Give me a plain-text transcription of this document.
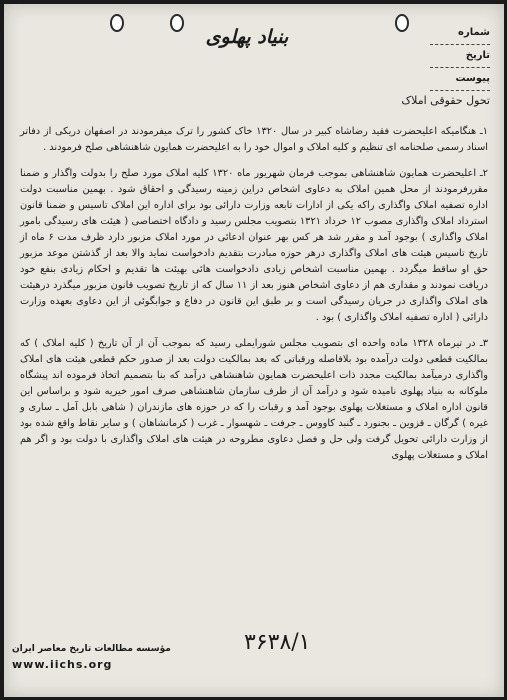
بنیاد پهلوی	شماره
تاریخ
پیوست
تحول حقوقی املاک

۱ـ هنگامیکه اعلیحضرت فقید رضاشاه کبیر در سال ۱۳۲۰ خاک کشور را ترک میفرمودند در اصفهان دریکی از دفاتر اسناد رسمی صلحنامه ای تنظیم و کلیه املاک و اموال خود را به اعلیحضرت همایون شاهنشاهی صلح فرمودند .

۲ـ اعلیحضرت همایون شاهنشاهی بموجب فرمان شهریور ماه ۱۳۲۰ کلیه املاک مورد صلح را بدولت واگذار و ضمنا مقررفرمودند از محل همین املاک به دعاوی اشخاص دراین زمینه رسیدگی و احقاق شود . بهمین مناسبت دولت اداره تصفیه املاک واگذاری راکه یکی از ادارات تابعه وزارت دارائی بود برای اداره این املاک تاسیس و ضمنا قانون استرداد املاک واگذاری مصوب ۱۲ خرداد ۱۳۲۱ بتصویب مجلس رسید و دادگاه اختصاصی ( هیئت های رسیدگی بامور املاک واگذاری ) بوجود آمد و مقرر شد هر کس بهر عنوان ادعائی در مورد املاک مزبور دارد ظرف مدت ۶ ماه از تاریخ تاسیس هیئت های املاک واگذاری درهر حوزه مبادرت بتقدیم دادخواست نماید والا بعد از گذشتن موعد مزبور حق او ساقط میگردد . بهمین مناسبت اشخاص زیادی دادخواست هائی بهیئت ها تقدیم و احکام زیادی بنفع خود دریافت نمودند و مقداری هم از دعاوی اشخاص هنوز بعد از ۱۱ سال که از تاریخ تصویب قانون مزبور میگذرد درهیئت های املاک واگذاری در جریان رسیدگی است و بر طبق این قانون در دفاع و جوابگوئی از این دعاوی بعهده وزارت دارائی ( اداره تصفیه املاک واگذاری ) بود .

۳ـ در تیرماه ۱۳۲۸ ماده واحده ای بتصویب مجلس شورایملی رسید که بموجب آن از آن تاریخ ( کلیه املاک ) که بمالکیت قطعی دولت درآمده بود بلافاصله ورقباتی که بعد بمالکیت دولت بعد از صدور حکم قطعی هیئت های املاک واگذاری درمیآمد بمالکیت مجدد ذات اعلیحضرت همایون شاهنشاهی درآمد که بنا بتصمیم اتخاذ فرموده اند پیشگاه ملوکانه به بنیاد پهلوی نامیده شود و درآمد آن از طرف سازمان شاهنشاهی صرف امور خیریه شود و براساس این قانون اداره املاک و مستغلات پهلوی بوجود آمد و رقبات را که در حوزه های مازندران ( شاهی بابل آمل ـ ساری و غیره ) گرگان ـ قزوین ـ بجنورد ـ گنبد کاووس ـ جرفت ـ شهسوار ـ غرب ( کرمانشاهان ) و سایر نقاط واقع شده بود از وزارت دارائی تحویل گرفت ولی حل و فصل دعاوی مطروحه در هیئت های املاک واگذاری با دولت بود و اگر هم املاک و مستغلات پهلوی

۳۶۳۸/۱
مؤسسه مطالعات تاریخ معاصر ایران
www.iichs.org
